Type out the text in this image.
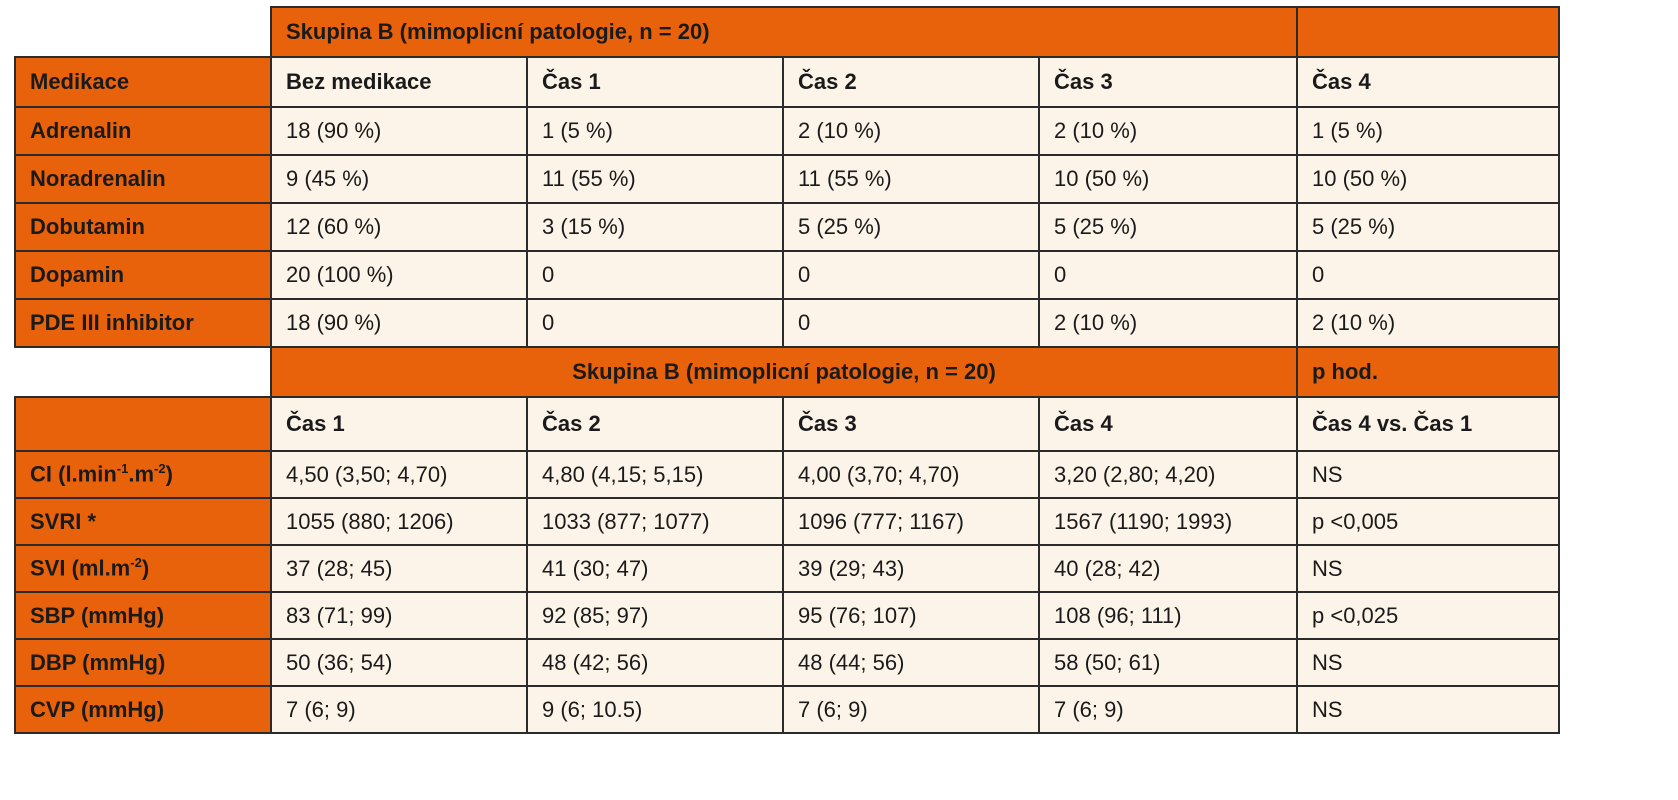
	Skupina B (mimoplicní patologie, n = 20)				
Medikace	Bez medikace	Čas 1	Čas 2	Čas 3	Čas 4
Adrenalin	18 (90 %)	1 (5 %)	2 (10 %)	2 (10 %)	1 (5 %)
Noradrenalin	9 (45 %)	11 (55 %)	11 (55 %)	10 (50 %)	10 (50 %)
Dobutamin	12 (60 %)	3 (15 %)	5 (25 %)	5 (25 %)	5 (25 %)
Dopamin	20 (100 %)	0	0	0	0
PDE III inhibitor	18 (90 %)	0	0	2 (10 %)	2 (10 %)
	Skupina B (mimoplicní patologie, n = 20)				p hod.
	Čas 1	Čas 2	Čas 3	Čas 4	Čas 4 vs. Čas 1
CI $(l.\min^{-1}.m^{-2})$	4,50 (3,50; 4,70)	4,80 (4,15; 5,15)	4,00 (3,70; 4,70)	3,20 (2,80; 4,20)	NS
SVRI *	1055 (880; 1206)	1033 (877; 1077)	1096 (777; 1167)	1567 (1190; 1993)	p <0,005
SVI $(ml.m^{-2})$	37 (28; 45)	41 (30; 47)	39 (29; 43)	40 (28; 42)	NS
SBP (mmHg)	83 (71; 99)	92 (85; 97)	95 (76; 107)	108 (96; 111)	p <0,025
DBP (mmHg)	50 (36; 54)	48 (42; 56)	48 (44; 56)	58 (50; 61)	NS
CVP (mmHg)	7 (6; 9)	9 (6; 10.5)	7 (6; 9)	7 (6; 9)	NS
